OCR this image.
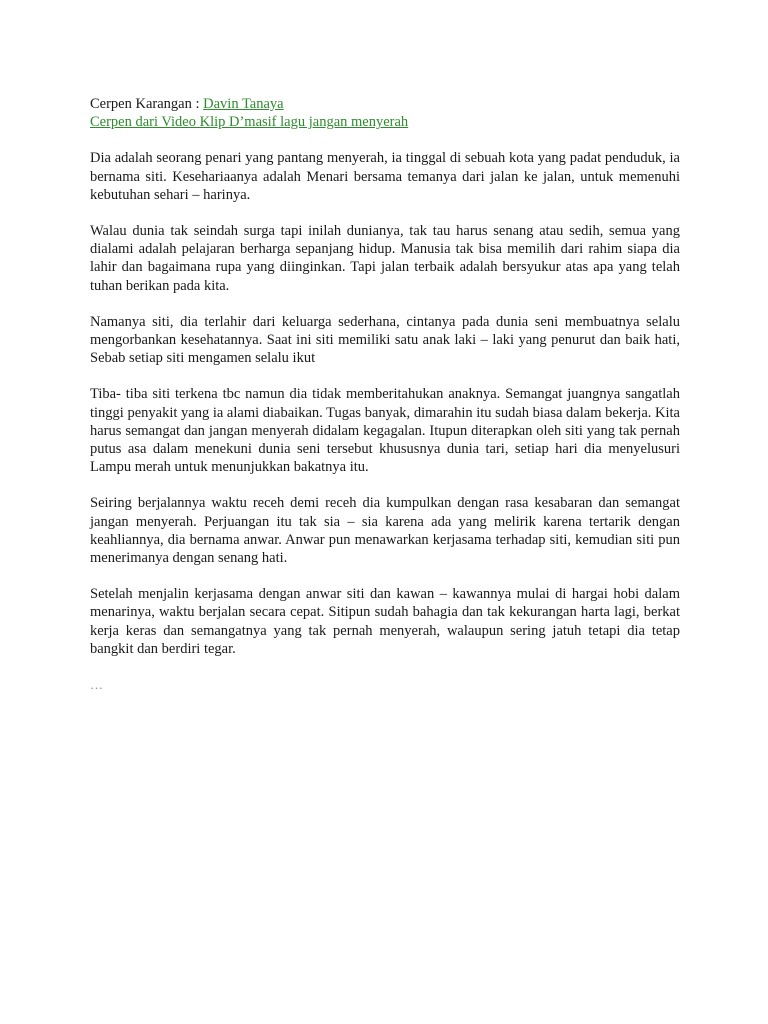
Cerpen Karangan : Davin Tanaya

Cerpen dari Video Klip D’masif lagu jangan menyerah

Dia adalah seorang penari yang pantang menyerah, ia tinggal di sebuah kota yang padat penduduk, ia bernama siti. Kesehariaanya adalah Menari bersama temanya dari jalan ke jalan, untuk memenuhi kebutuhan sehari – harinya.

Walau dunia tak seindah surga tapi inilah dunianya, tak tau harus senang atau sedih, semua yang dialami adalah pelajaran berharga sepanjang hidup. Manusia tak bisa memilih dari rahim siapa dia lahir dan bagaimana rupa yang diinginkan. Tapi jalan terbaik adalah bersyukur atas apa yang telah tuhan berikan pada kita.

Namanya siti, dia terlahir dari keluarga sederhana, cintanya pada dunia seni membuatnya selalu mengorbankan kesehatannya. Saat ini siti memiliki satu anak laki – laki yang penurut dan baik hati, Sebab setiap siti mengamen selalu ikut

Tiba- tiba siti terkena tbc namun dia tidak memberitahukan anaknya. Semangat juangnya sangatlah tinggi penyakit yang ia alami diabaikan. Tugas banyak, dimarahin itu sudah biasa dalam bekerja. Kita harus semangat dan jangan menyerah didalam kegagalan. Itupun diterapkan oleh siti yang tak pernah putus asa dalam menekuni dunia seni tersebut khususnya dunia tari, setiap hari dia menyelusuri Lampu merah untuk menunjukkan bakatnya itu.

Seiring berjalannya waktu receh demi receh dia kumpulkan dengan rasa kesabaran dan semangat jangan menyerah. Perjuangan itu tak sia – sia karena ada yang melirik karena tertarik dengan keahliannya, dia bernama anwar. Anwar pun menawarkan kerjasama terhadap siti, kemudian siti pun menerimanya dengan senang hati.

Setelah menjalin kerjasama dengan anwar siti dan kawan – kawannya mulai di hargai hobi dalam menarinya, waktu berjalan secara cepat. Sitipun sudah bahagia dan tak kekurangan harta lagi, berkat kerja keras dan semangatnya yang tak pernah menyerah, walaupun sering jatuh tetapi dia tetap bangkit dan berdiri tegar.

…
